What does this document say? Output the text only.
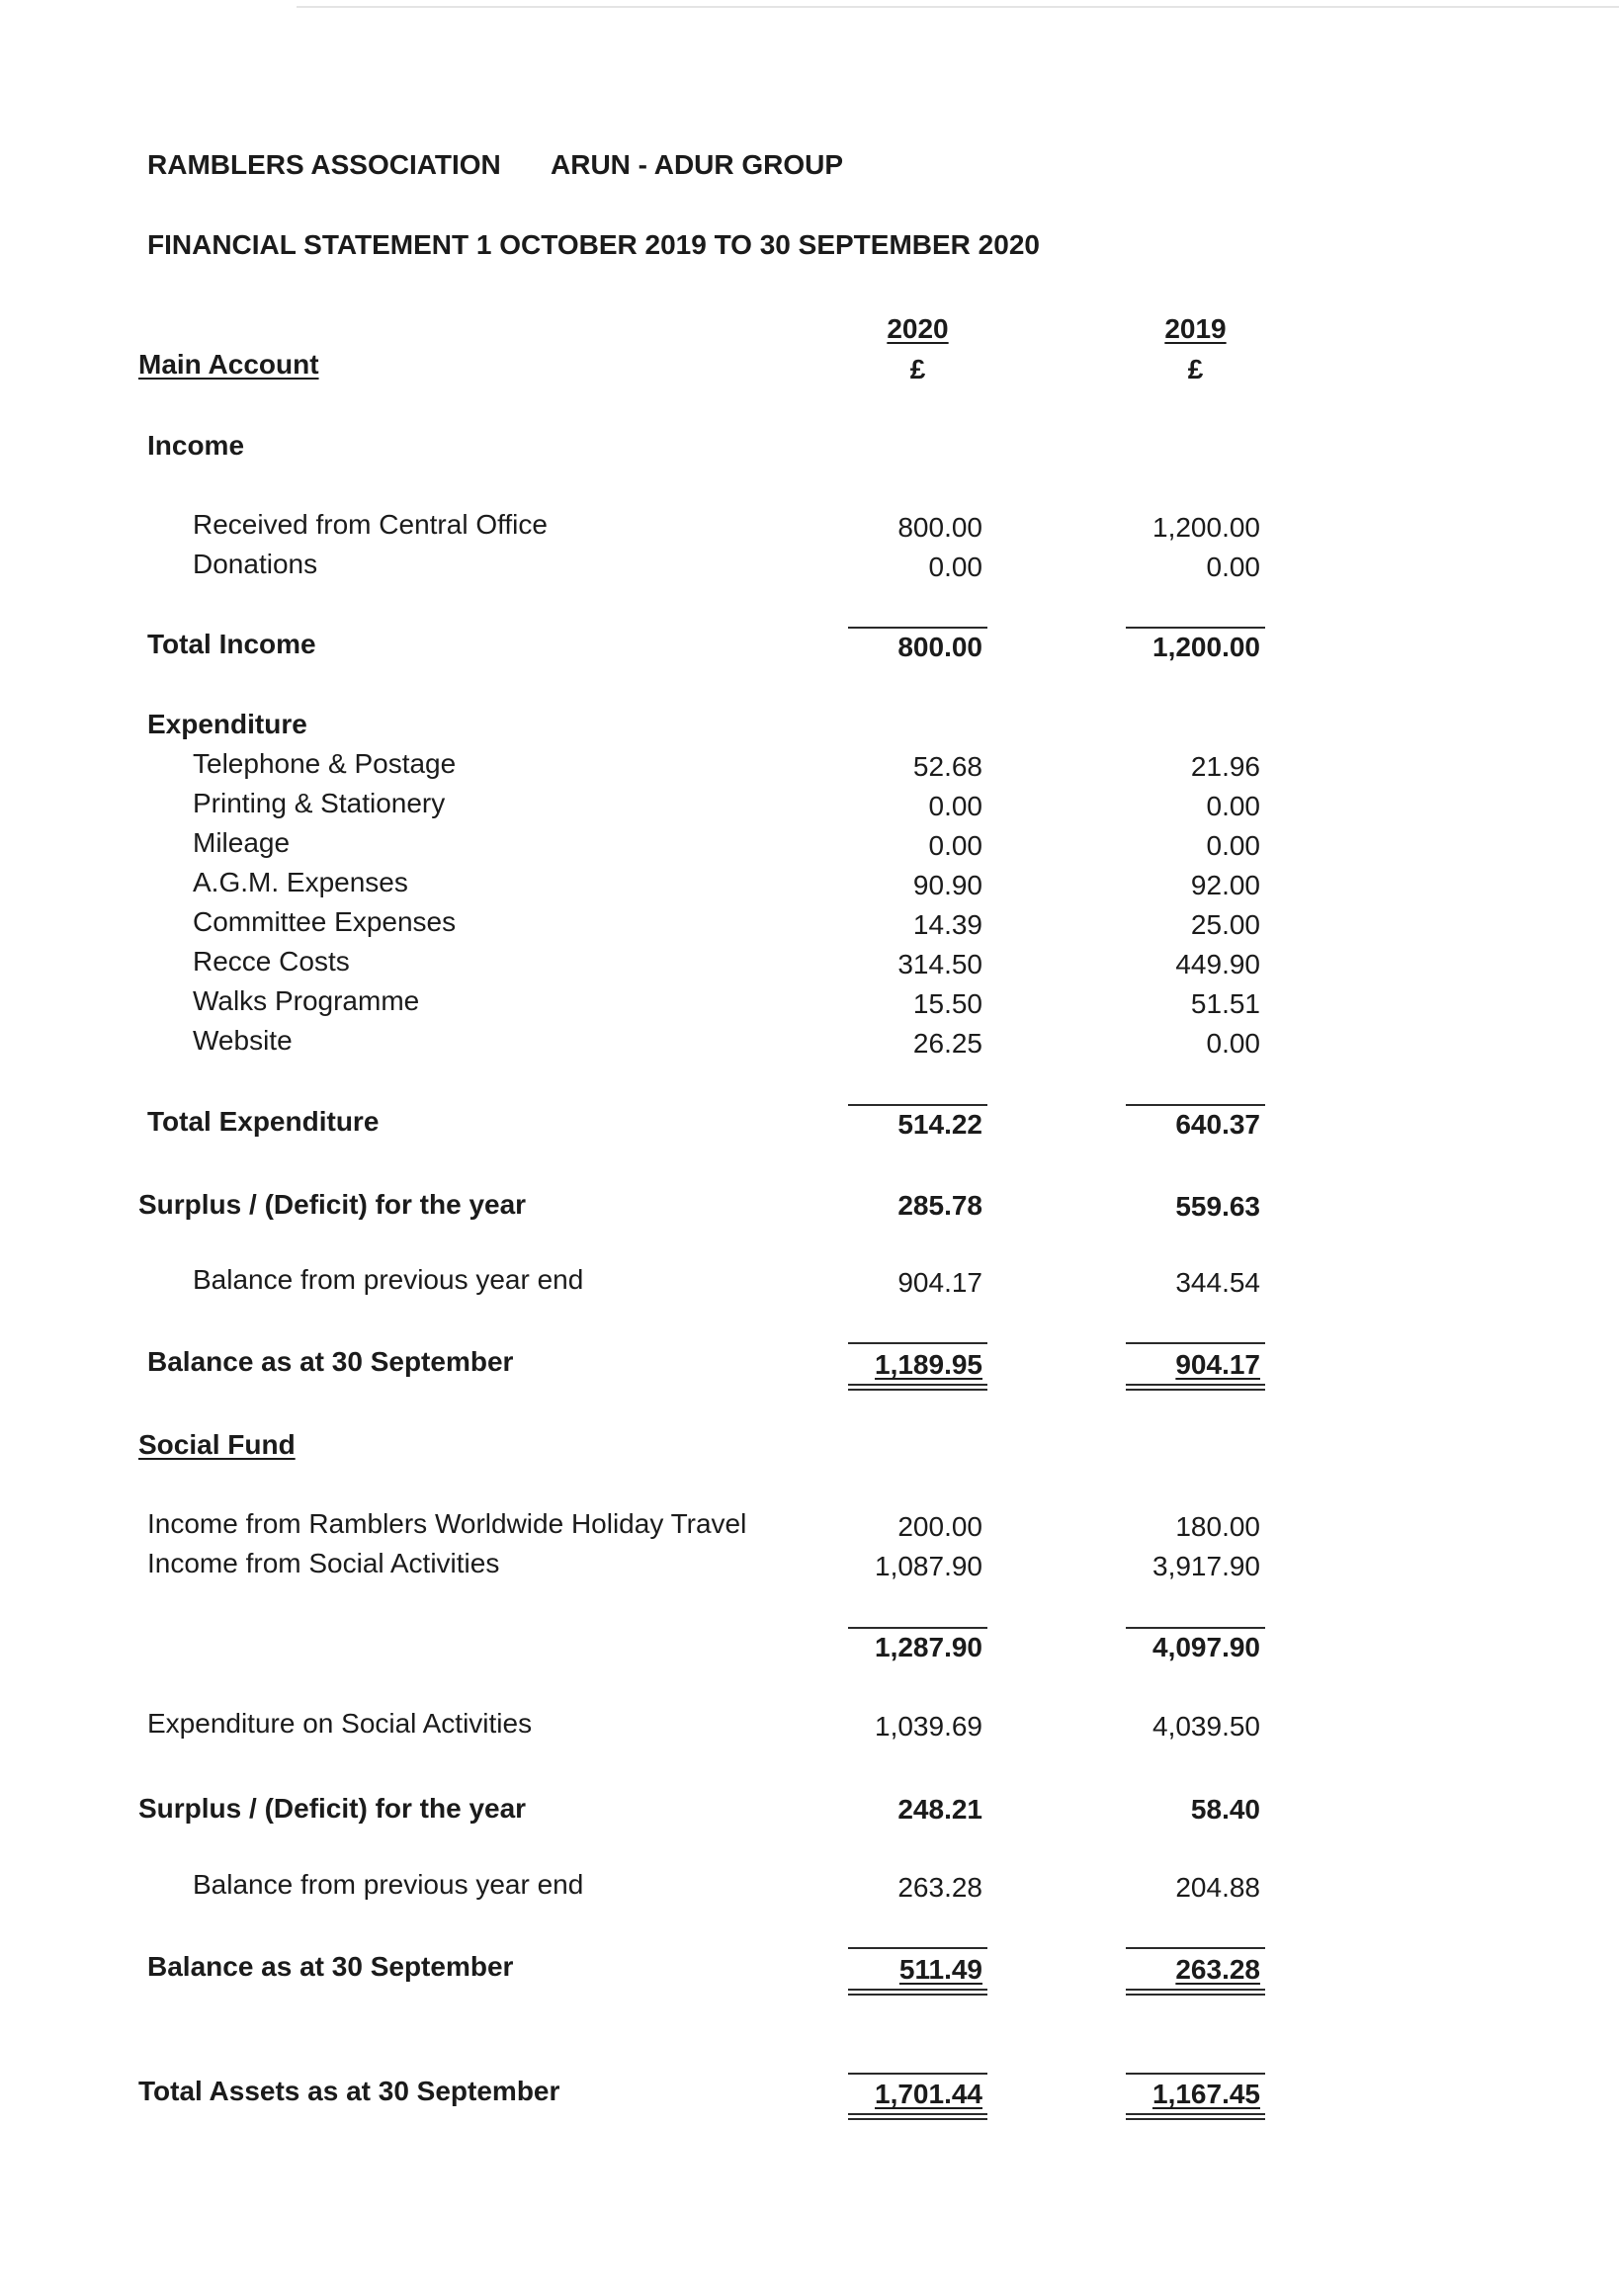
RAMBLERS ASSOCIATION ARUN - ADUR GROUP
FINANCIAL STATEMENT 1 OCTOBER 2019 TO 30 SEPTEMBER 2020
2020	2019
£	£
Main Account
Income
Received from Central Office	800.00	1,200.00
Donations	0.00	0.00
Total Income	800.00	1,200.00
Expenditure
Telephone & Postage	52.68	21.96
Printing & Stationery	0.00	0.00
Mileage	0.00	0.00
A.G.M. Expenses	90.90	92.00
Committee Expenses	14.39	25.00
Recce Costs	314.50	449.90
Walks Programme	15.50	51.51
Website	26.25	0.00
Total Expenditure	514.22	640.37
Surplus / (Deficit) for the year	285.78	559.63
Balance from previous year end	904.17	344.54
Balance as at 30 September	1,189.95	904.17
Social Fund
Income from Ramblers Worldwide Holiday Travel	200.00	180.00
Income from Social Activities	1,087.90	3,917.90
1,287.90	4,097.90
Expenditure on Social Activities	1,039.69	4,039.50
Surplus / (Deficit) for the year	248.21	58.40
Balance from previous year end	263.28	204.88
Balance as at 30 September	511.49	263.28
Total Assets as at 30 September	1,701.44	1,167.45
